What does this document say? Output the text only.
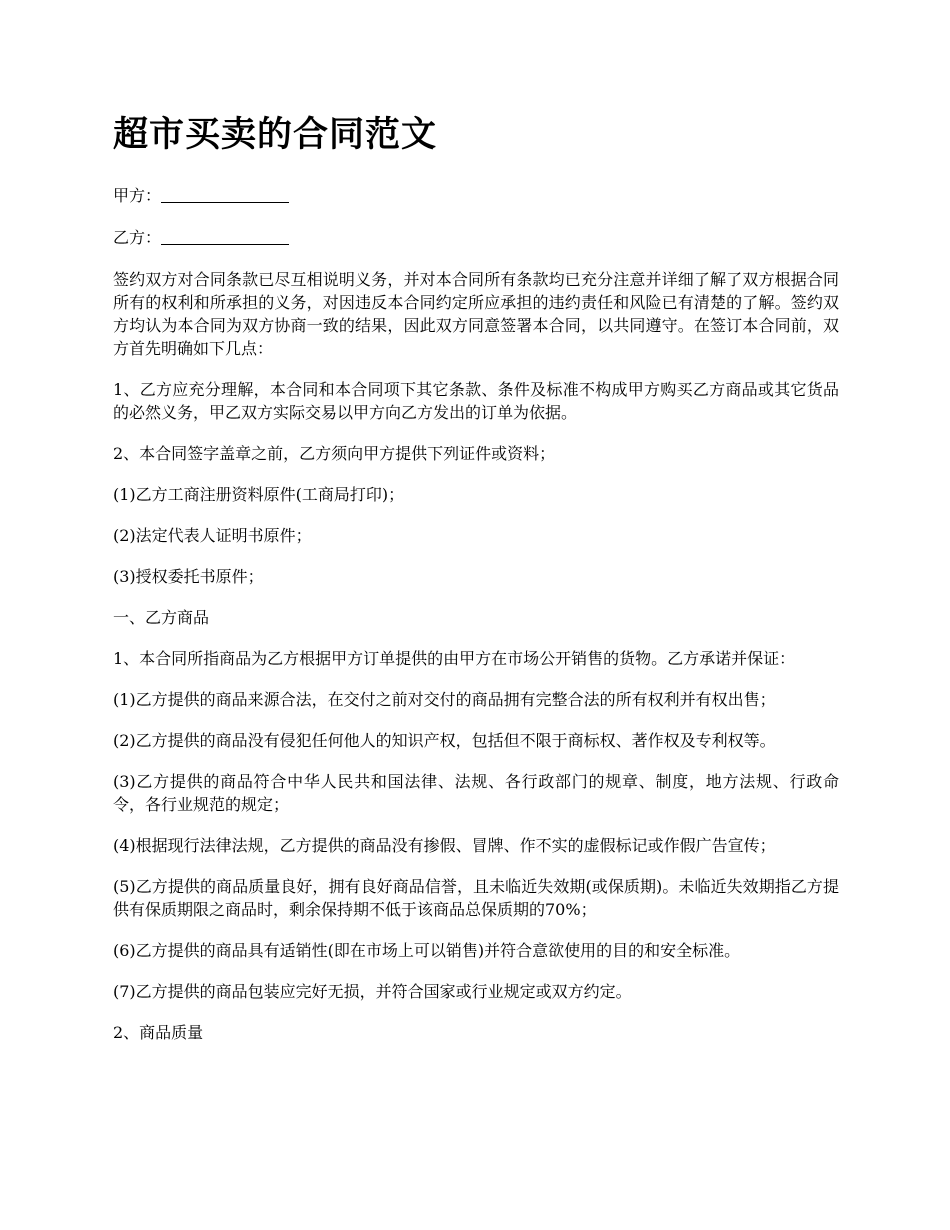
超市买卖的合同范文

甲方：

乙方：

签约双方对合同条款已尽互相说明义务，并对本合同所有条款均已充分注意并详细了解了双方根据合同所有的权利和所承担的义务，对因违反本合同约定所应承担的违约责任和风险已有清楚的了解。签约双方均认为本合同为双方协商一致的结果，因此双方同意签署本合同，以共同遵守。在签订本合同前，双方首先明确如下几点：

1、乙方应充分理解，本合同和本合同项下其它条款、条件及标准不构成甲方购买乙方商品或其它货品的必然义务，甲乙双方实际交易以甲方向乙方发出的订单为依据。

2、本合同签字盖章之前，乙方须向甲方提供下列证件或资料；

(1)乙方工商注册资料原件(工商局打印)；

(2)法定代表人证明书原件；

(3)授权委托书原件；

一、乙方商品

1、本合同所指商品为乙方根据甲方订单提供的由甲方在市场公开销售的货物。乙方承诺并保证：

(1)乙方提供的商品来源合法，在交付之前对交付的商品拥有完整合法的所有权利并有权出售；

(2)乙方提供的商品没有侵犯任何他人的知识产权，包括但不限于商标权、著作权及专利权等。

(3)乙方提供的商品符合中华人民共和国法律、法规、各行政部门的规章、制度，地方法规、行政命令，各行业规范的规定；

(4)根据现行法律法规，乙方提供的商品没有掺假、冒牌、作不实的虚假标记或作假广告宣传；

(5)乙方提供的商品质量良好，拥有良好商品信誉，且未临近失效期(或保质期)。未临近失效期指乙方提供有保质期限之商品时，剩余保持期不低于该商品总保质期的70%；

(6)乙方提供的商品具有适销性(即在市场上可以销售)并符合意欲使用的目的和安全标准。

(7)乙方提供的商品包装应完好无损，并符合国家或行业规定或双方约定。

2、商品质量
